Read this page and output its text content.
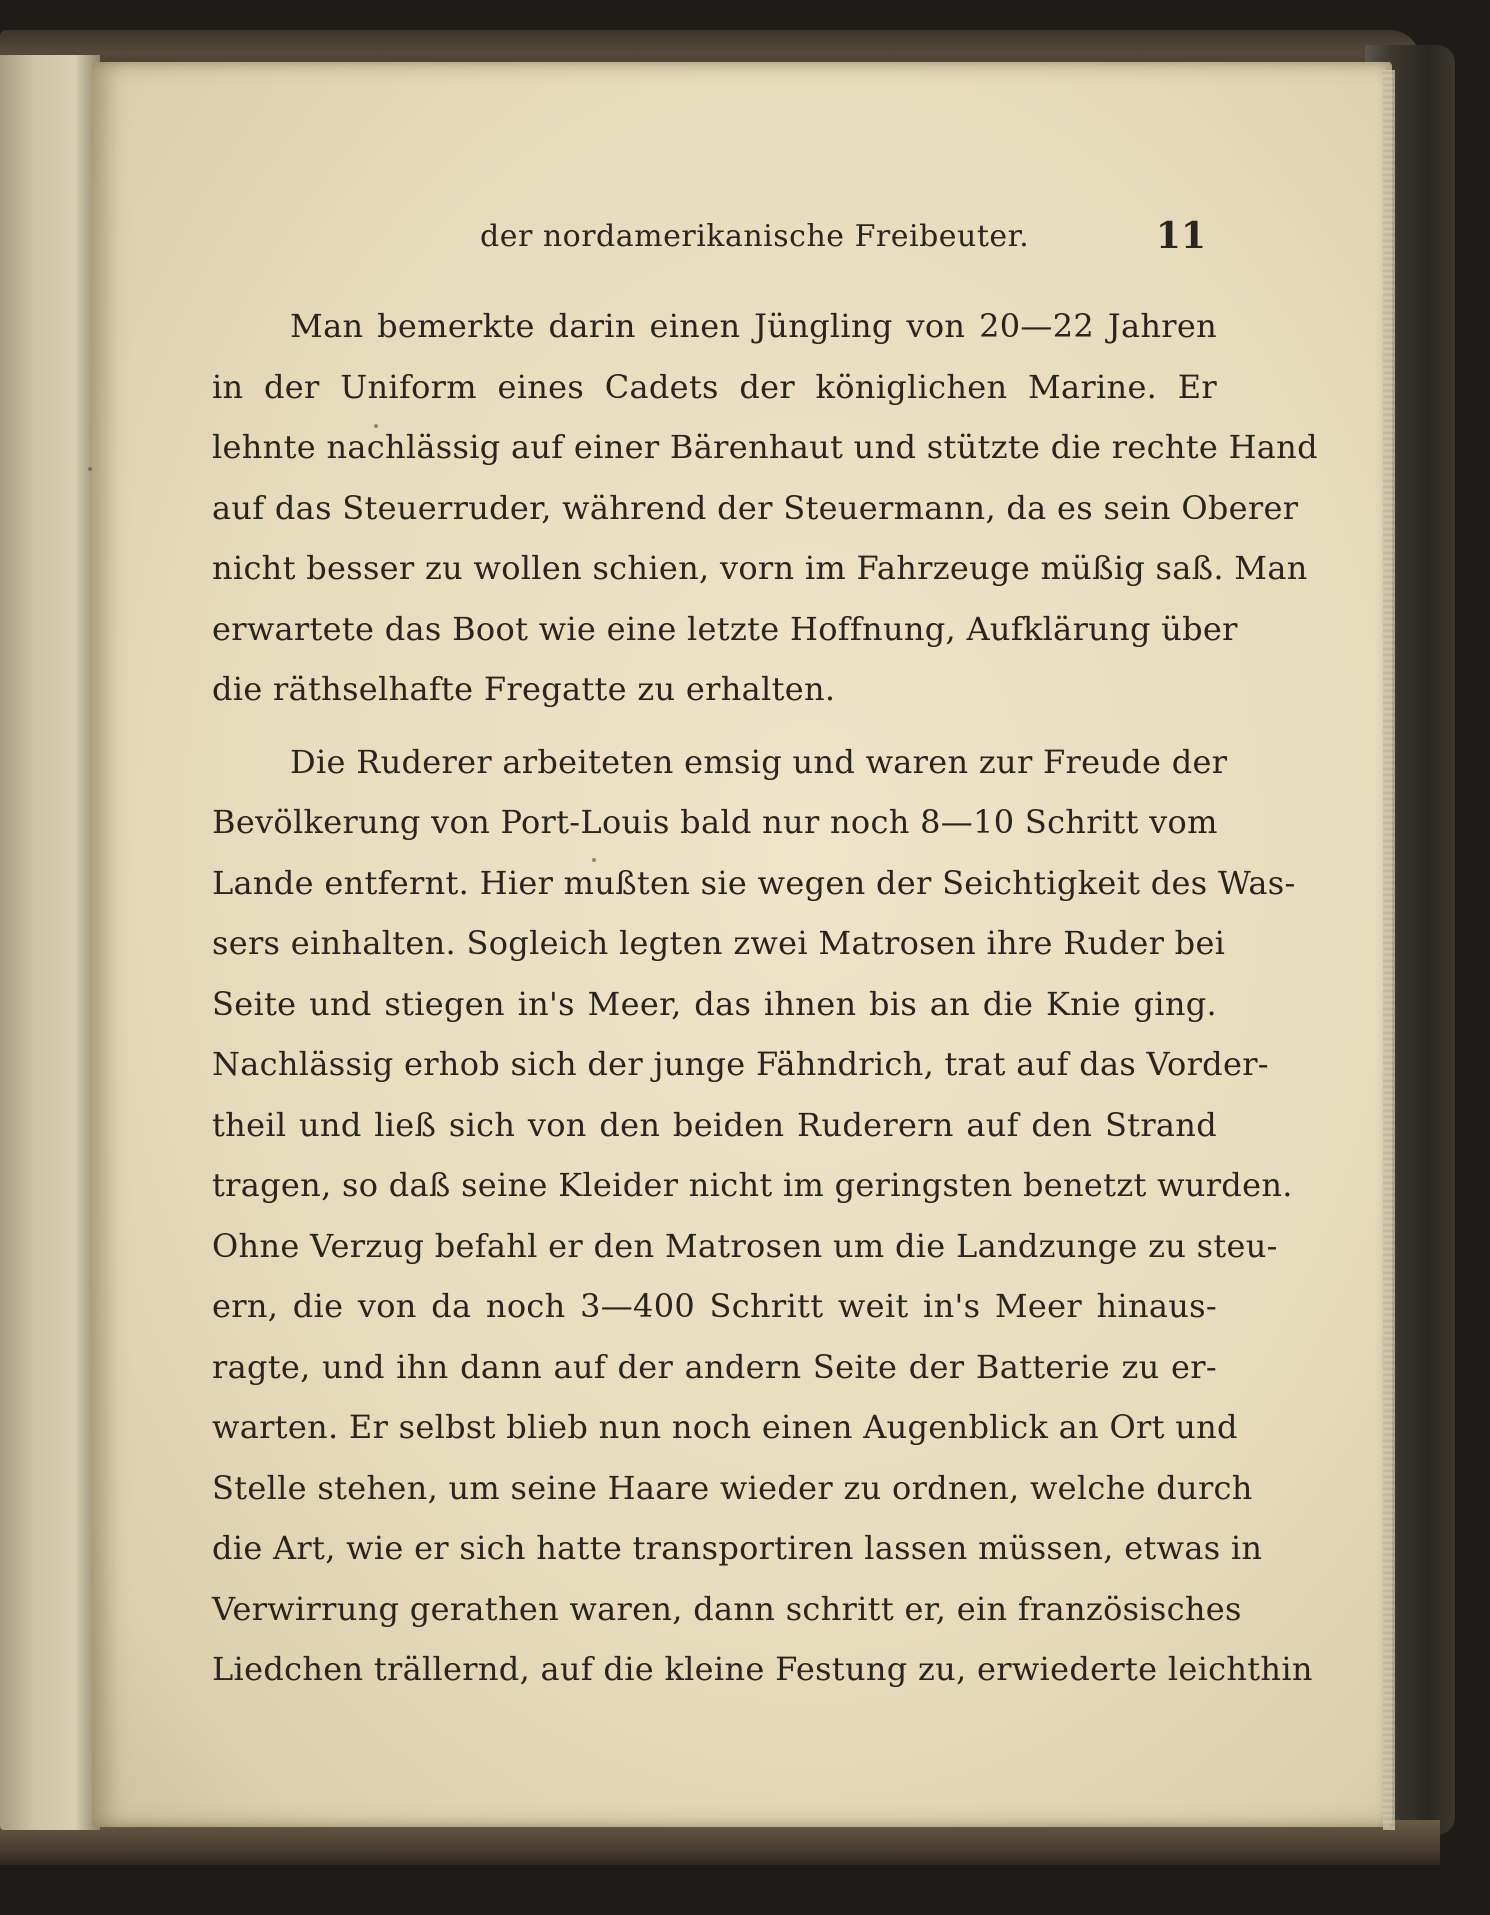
der nordamerikanische Freibeuter.	11
Man bemerkte darin einen Jüngling von 20—22 Jahren
in der Uniform eines Cadets der königlichen Marine. Er
lehnte nachlässig auf einer Bärenhaut und stützte die rechte Hand
auf das Steuerruder, während der Steuermann, da es sein Oberer
nicht besser zu wollen schien, vorn im Fahrzeuge müßig saß. Man
erwartete das Boot wie eine letzte Hoffnung, Aufklärung über
die räthselhafte Fregatte zu erhalten.
Die Ruderer arbeiteten emsig und waren zur Freude der
Bevölkerung von Port-Louis bald nur noch 8—10 Schritt vom
Lande entfernt. Hier mußten sie wegen der Seichtigkeit des Was-
sers einhalten. Sogleich legten zwei Matrosen ihre Ruder bei
Seite und stiegen in's Meer, das ihnen bis an die Knie ging.
Nachlässig erhob sich der junge Fähndrich, trat auf das Vorder-
theil und ließ sich von den beiden Ruderern auf den Strand
tragen, so daß seine Kleider nicht im geringsten benetzt wurden.
Ohne Verzug befahl er den Matrosen um die Landzunge zu steu-
ern, die von da noch 3—400 Schritt weit in's Meer hinaus-
ragte, und ihn dann auf der andern Seite der Batterie zu er-
warten. Er selbst blieb nun noch einen Augenblick an Ort und
Stelle stehen, um seine Haare wieder zu ordnen, welche durch
die Art, wie er sich hatte transportiren lassen müssen, etwas in
Verwirrung gerathen waren, dann schritt er, ein französisches
Liedchen trällernd, auf die kleine Festung zu, erwiederte leichthin
